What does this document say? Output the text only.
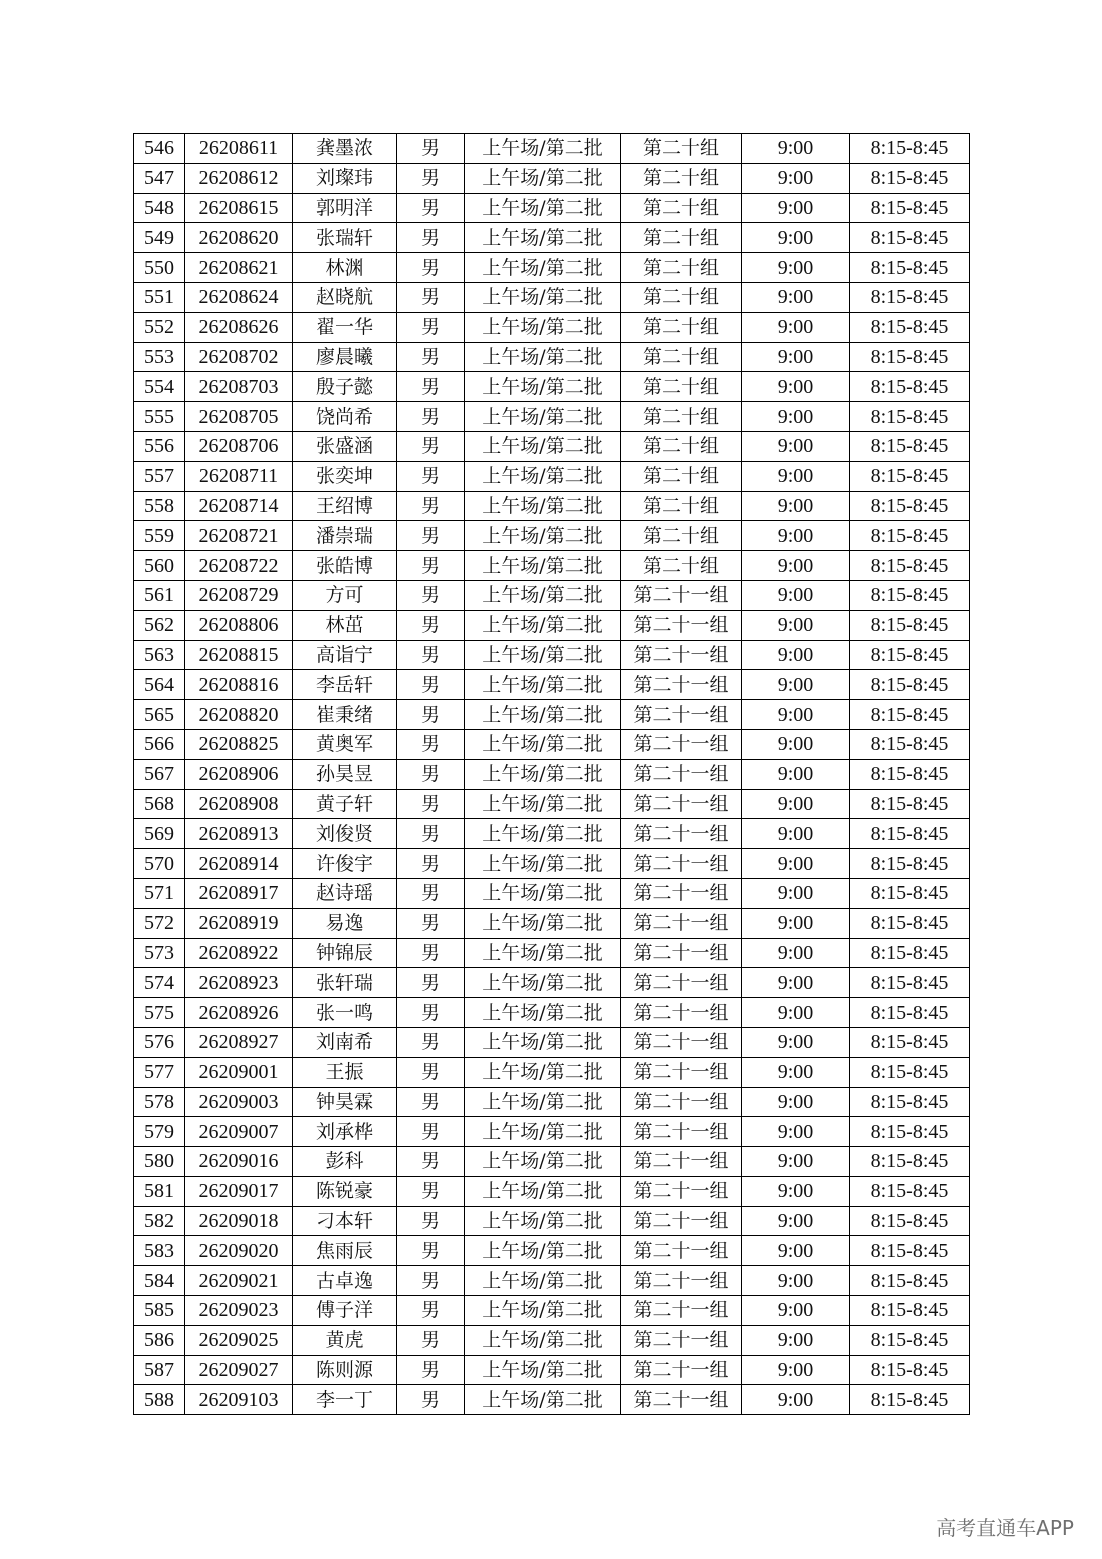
546	26208611	龚墨浓	男	上午场/第二批	第二十组	9:00	8:15-8:45
547	26208612	刘璨玮	男	上午场/第二批	第二十组	9:00	8:15-8:45
548	26208615	郭明洋	男	上午场/第二批	第二十组	9:00	8:15-8:45
549	26208620	张瑞轩	男	上午场/第二批	第二十组	9:00	8:15-8:45
550	26208621	林渊	男	上午场/第二批	第二十组	9:00	8:15-8:45
551	26208624	赵晓航	男	上午场/第二批	第二十组	9:00	8:15-8:45
552	26208626	翟一华	男	上午场/第二批	第二十组	9:00	8:15-8:45
553	26208702	廖晨曦	男	上午场/第二批	第二十组	9:00	8:15-8:45
554	26208703	殷子懿	男	上午场/第二批	第二十组	9:00	8:15-8:45
555	26208705	饶尚希	男	上午场/第二批	第二十组	9:00	8:15-8:45
556	26208706	张盛涵	男	上午场/第二批	第二十组	9:00	8:15-8:45
557	26208711	张奕坤	男	上午场/第二批	第二十组	9:00	8:15-8:45
558	26208714	王绍博	男	上午场/第二批	第二十组	9:00	8:15-8:45
559	26208721	潘崇瑞	男	上午场/第二批	第二十组	9:00	8:15-8:45
560	26208722	张皓博	男	上午场/第二批	第二十组	9:00	8:15-8:45
561	26208729	方可	男	上午场/第二批	第二十一组	9:00	8:15-8:45
562	26208806	林茁	男	上午场/第二批	第二十一组	9:00	8:15-8:45
563	26208815	高诣宁	男	上午场/第二批	第二十一组	9:00	8:15-8:45
564	26208816	李岳轩	男	上午场/第二批	第二十一组	9:00	8:15-8:45
565	26208820	崔秉绪	男	上午场/第二批	第二十一组	9:00	8:15-8:45
566	26208825	黄奥军	男	上午场/第二批	第二十一组	9:00	8:15-8:45
567	26208906	孙昊昱	男	上午场/第二批	第二十一组	9:00	8:15-8:45
568	26208908	黄子轩	男	上午场/第二批	第二十一组	9:00	8:15-8:45
569	26208913	刘俊贤	男	上午场/第二批	第二十一组	9:00	8:15-8:45
570	26208914	许俊宇	男	上午场/第二批	第二十一组	9:00	8:15-8:45
571	26208917	赵诗瑶	男	上午场/第二批	第二十一组	9:00	8:15-8:45
572	26208919	易逸	男	上午场/第二批	第二十一组	9:00	8:15-8:45
573	26208922	钟锦辰	男	上午场/第二批	第二十一组	9:00	8:15-8:45
574	26208923	张轩瑞	男	上午场/第二批	第二十一组	9:00	8:15-8:45
575	26208926	张一鸣	男	上午场/第二批	第二十一组	9:00	8:15-8:45
576	26208927	刘南希	男	上午场/第二批	第二十一组	9:00	8:15-8:45
577	26209001	王振	男	上午场/第二批	第二十一组	9:00	8:15-8:45
578	26209003	钟昊霖	男	上午场/第二批	第二十一组	9:00	8:15-8:45
579	26209007	刘承桦	男	上午场/第二批	第二十一组	9:00	8:15-8:45
580	26209016	彭科	男	上午场/第二批	第二十一组	9:00	8:15-8:45
581	26209017	陈锐豪	男	上午场/第二批	第二十一组	9:00	8:15-8:45
582	26209018	刁本轩	男	上午场/第二批	第二十一组	9:00	8:15-8:45
583	26209020	焦雨辰	男	上午场/第二批	第二十一组	9:00	8:15-8:45
584	26209021	古卓逸	男	上午场/第二批	第二十一组	9:00	8:15-8:45
585	26209023	傅子洋	男	上午场/第二批	第二十一组	9:00	8:15-8:45
586	26209025	黄虎	男	上午场/第二批	第二十一组	9:00	8:15-8:45
587	26209027	陈则源	男	上午场/第二批	第二十一组	9:00	8:15-8:45
588	26209103	李一丁	男	上午场/第二批	第二十一组	9:00	8:15-8:45
高考直通车APP
